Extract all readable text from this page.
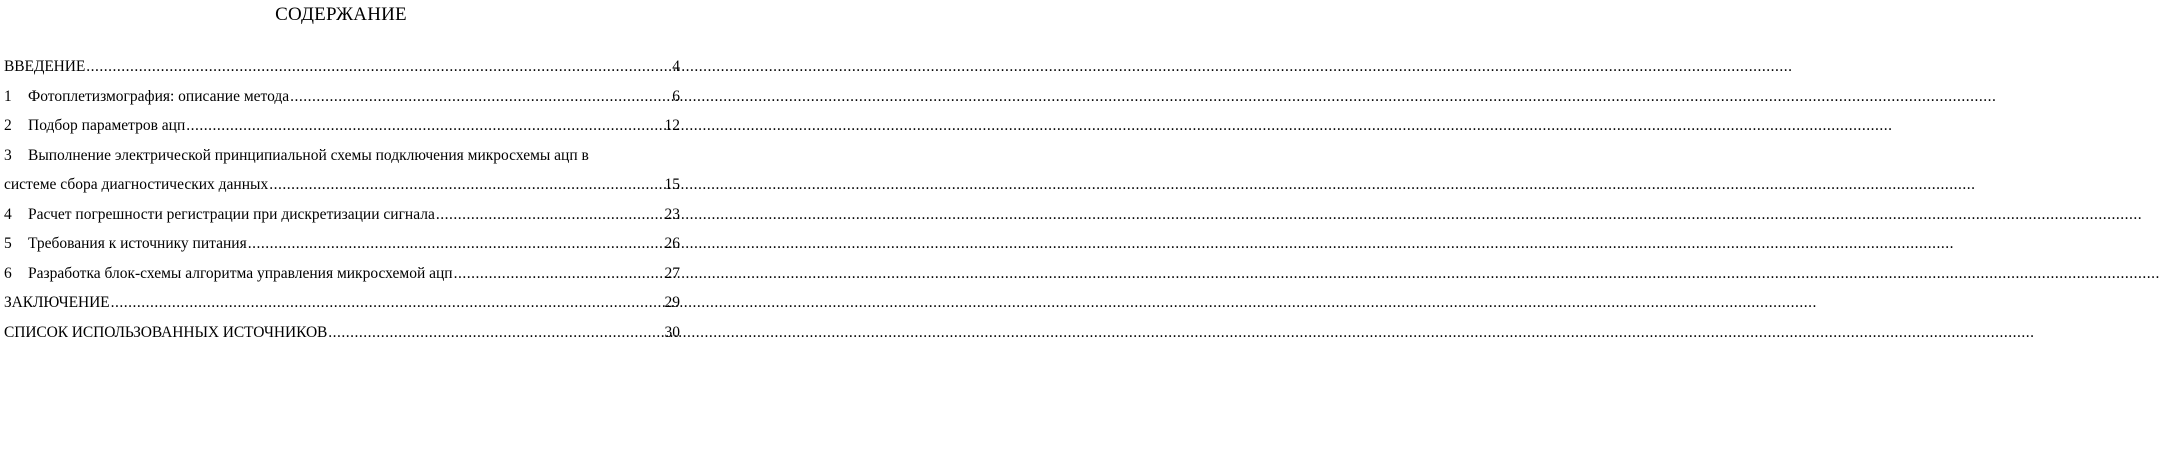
СОДЕРЖАНИЕ
ВВЕДЕНИЕ .....	4
1	Фотоплетизмография: описание метода .....	6
2	Подбор параметров ацп .....	12
3	Выполнение электрической принципиальной схемы подключения микросхемы ацп в
системе сбора диагностических данных .....	15
4	Расчет погрешности регистрации при дискретизации сигнала .....	23
5	Требования к источнику питания .....	26
6	Разработка блок-схемы алгоритма управления микросхемой ацп .....	27
ЗАКЛЮЧЕНИЕ .....	29
СПИСОК ИСПОЛЬЗОВАННЫХ ИСТОЧНИКОВ .....	30
